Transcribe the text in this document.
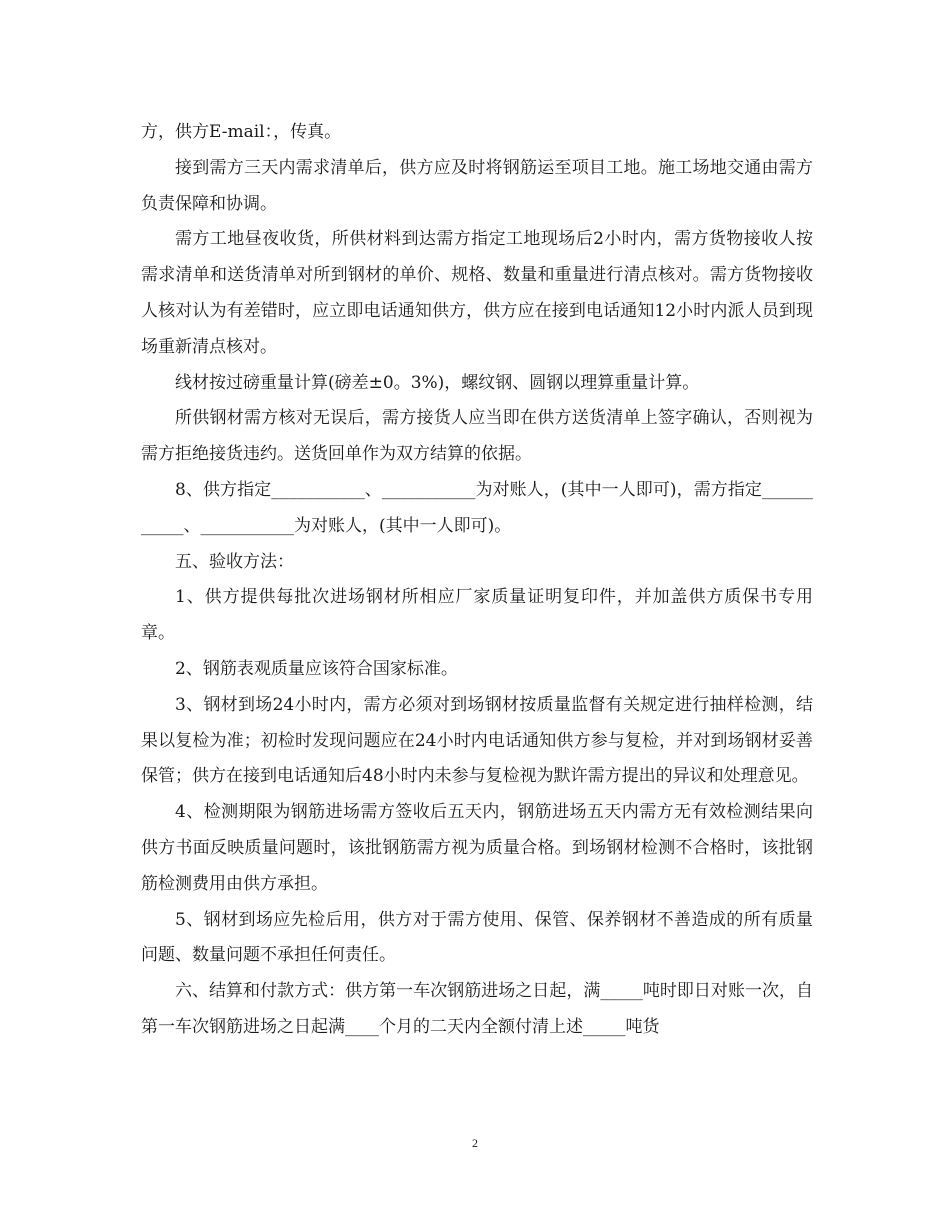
方，供方E-mail：，传真。

接到需方三天内需求清单后，供方应及时将钢筋运至项目工地。施工场地交通由需方负责保障和协调。

需方工地昼夜收货，所供材料到达需方指定工地现场后2小时内，需方货物接收人按需求清单和送货清单对所到钢材的单价、规格、数量和重量进行清点核对。需方货物接收人核对认为有差错时，应立即电话通知供方，供方应在接到电话通知12小时内派人员到现场重新清点核对。

线材按过磅重量计算(磅差±0。3%)，螺纹钢、圆钢以理算重量计算。

所供钢材需方核对无误后，需方接货人应当即在供方送货清单上签字确认，否则视为需方拒绝接货违约。送货回单作为双方结算的依据。

8、供方指定___________、___________为对账人，(其中一人即可)，需方指定___________、___________为对账人，(其中一人即可)。

五、验收方法：

1、供方提供每批次进场钢材所相应厂家质量证明复印件，并加盖供方质保书专用章。

2、钢筋表观质量应该符合国家标准。

3、钢材到场24小时内，需方必须对到场钢材按质量监督有关规定进行抽样检测，结果以复检为准；初检时发现问题应在24小时内电话通知供方参与复检，并对到场钢材妥善保管；供方在接到电话通知后48小时内未参与复检视为默许需方提出的异议和处理意见。

4、检测期限为钢筋进场需方签收后五天内，钢筋进场五天内需方无有效检测结果向供方书面反映质量问题时，该批钢筋需方视为质量合格。到场钢材检测不合格时，该批钢筋检测费用由供方承担。

5、钢材到场应先检后用，供方对于需方使用、保管、保养钢材不善造成的所有质量问题、数量问题不承担任何责任。

六、结算和付款方式：供方第一车次钢筋进场之日起，满_____吨时即日对账一次，自第一车次钢筋进场之日起满____个月的二天内全额付清上述_____吨货

2
